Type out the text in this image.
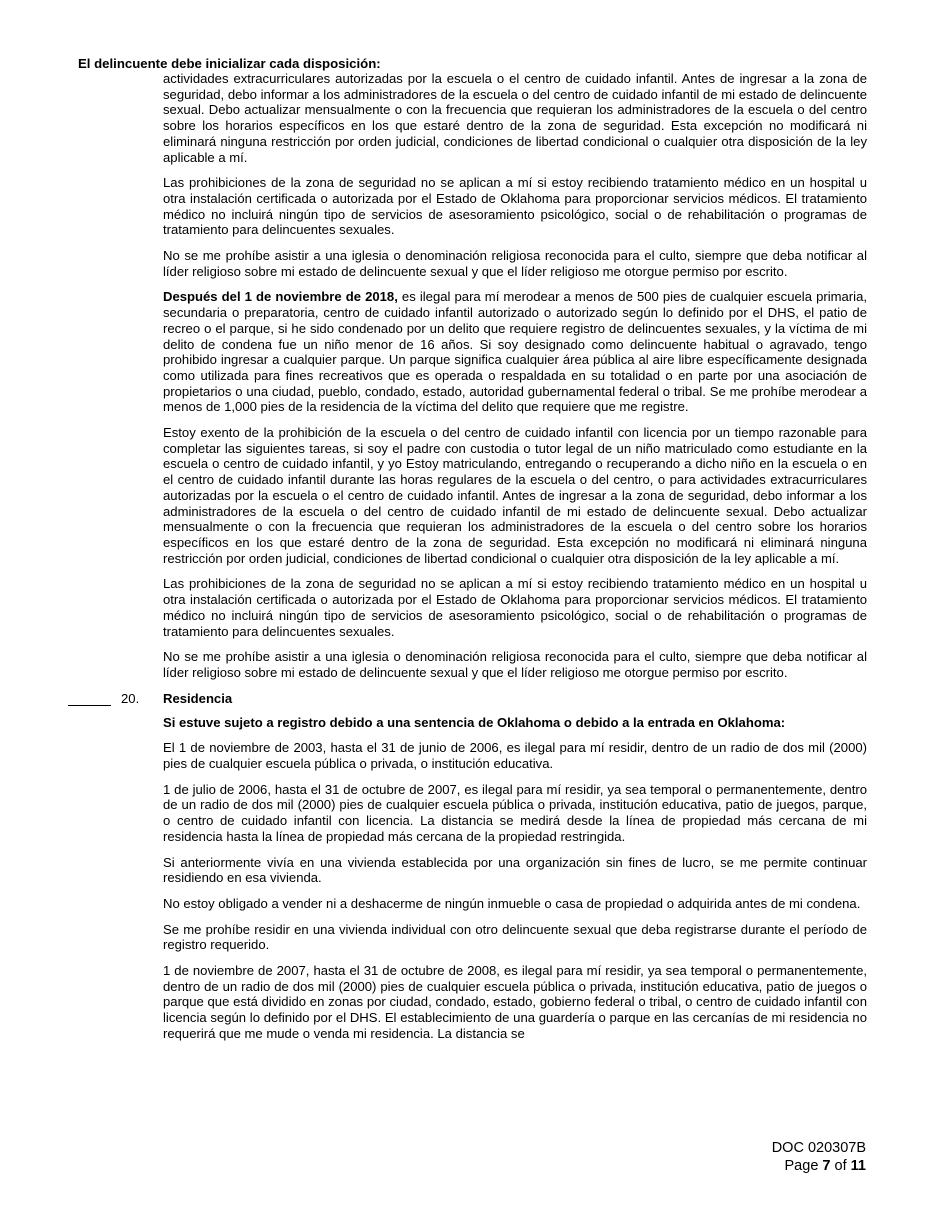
El delincuente debe inicializar cada disposición:

actividades extracurriculares autorizadas por la escuela o el centro de cuidado infantil. Antes de ingresar a la zona de seguridad, debo informar a los administradores de la escuela o del centro de cuidado infantil de mi estado de delincuente sexual. Debo actualizar mensualmente o con la frecuencia que requieran los administradores de la escuela o del centro sobre los horarios específicos en los que estaré dentro de la zona de seguridad. Esta excepción no modificará ni eliminará ninguna restricción por orden judicial, condiciones de libertad condicional o cualquier otra disposición de la ley aplicable a mí.

Las prohibiciones de la zona de seguridad no se aplican a mí si estoy recibiendo tratamiento médico en un hospital u otra instalación certificada o autorizada por el Estado de Oklahoma para proporcionar servicios médicos. El tratamiento médico no incluirá ningún tipo de servicios de asesoramiento psicológico, social o de rehabilitación o programas de tratamiento para delincuentes sexuales.

No se me prohíbe asistir a una iglesia o denominación religiosa reconocida para el culto, siempre que deba notificar al líder religioso sobre mi estado de delincuente sexual y que el líder religioso me otorgue permiso por escrito.

Después del 1 de noviembre de 2018, es ilegal para mí merodear a menos de 500 pies de cualquier escuela primaria, secundaria o preparatoria, centro de cuidado infantil autorizado o autorizado según lo definido por el DHS, el patio de recreo o el parque, si he sido condenado por un delito que requiere registro de delincuentes sexuales, y la víctima de mi delito de condena fue un niño menor de 16 años. Si soy designado como delincuente habitual o agravado, tengo prohibido ingresar a cualquier parque. Un parque significa cualquier área pública al aire libre específicamente designada como utilizada para fines recreativos que es operada o respaldada en su totalidad o en parte por una asociación de propietarios o una ciudad, pueblo, condado, estado, autoridad gubernamental federal o tribal. Se me prohíbe merodear a menos de 1,000 pies de la residencia de la víctima del delito que requiere que me registre.

Estoy exento de la prohibición de la escuela o del centro de cuidado infantil con licencia por un tiempo razonable para completar las siguientes tareas, si soy el padre con custodia o tutor legal de un niño matriculado como estudiante en la escuela o centro de cuidado infantil, y yo Estoy matriculando, entregando o recuperando a dicho niño en la escuela o en el centro de cuidado infantil durante las horas regulares de la escuela o del centro, o para actividades extracurriculares autorizadas por la escuela o el centro de cuidado infantil. Antes de ingresar a la zona de seguridad, debo informar a los administradores de la escuela o del centro de cuidado infantil de mi estado de delincuente sexual. Debo actualizar mensualmente o con la frecuencia que requieran los administradores de la escuela o del centro sobre los horarios específicos en los que estaré dentro de la zona de seguridad. Esta excepción no modificará ni eliminará ninguna restricción por orden judicial, condiciones de libertad condicional o cualquier otra disposición de la ley aplicable a mí.

Las prohibiciones de la zona de seguridad no se aplican a mí si estoy recibiendo tratamiento médico en un hospital u otra instalación certificada o autorizada por el Estado de Oklahoma para proporcionar servicios médicos. El tratamiento médico no incluirá ningún tipo de servicios de asesoramiento psicológico, social o de rehabilitación o programas de tratamiento para delincuentes sexuales.

No se me prohíbe asistir a una iglesia o denominación religiosa reconocida para el culto, siempre que deba notificar al líder religioso sobre mi estado de delincuente sexual y que el líder religioso me otorgue permiso por escrito.

20. Residencia

Si estuve sujeto a registro debido a una sentencia de Oklahoma o debido a la entrada en Oklahoma:

El 1 de noviembre de 2003, hasta el 31 de junio de 2006, es ilegal para mí residir, dentro de un radio de dos mil (2000) pies de cualquier escuela pública o privada, o institución educativa.

1 de julio de 2006, hasta el 31 de octubre de 2007, es ilegal para mí residir, ya sea temporal o permanentemente, dentro de un radio de dos mil (2000) pies de cualquier escuela pública o privada, institución educativa, patio de juegos, parque, o centro de cuidado infantil con licencia. La distancia se medirá desde la línea de propiedad más cercana de mi residencia hasta la línea de propiedad más cercana de la propiedad restringida.

Si anteriormente vivía en una vivienda establecida por una organización sin fines de lucro, se me permite continuar residiendo en esa vivienda.

No estoy obligado a vender ni a deshacerme de ningún inmueble o casa de propiedad o adquirida antes de mi condena.

Se me prohíbe residir en una vivienda individual con otro delincuente sexual que deba registrarse durante el período de registro requerido.

1 de noviembre de 2007, hasta el 31 de octubre de 2008, es ilegal para mí residir, ya sea temporal o permanentemente, dentro de un radio de dos mil (2000) pies de cualquier escuela pública o privada, institución educativa, patio de juegos o parque que está dividido en zonas por ciudad, condado, estado, gobierno federal o tribal, o centro de cuidado infantil con licencia según lo definido por el DHS. El establecimiento de una guardería o parque en las cercanías de mi residencia no requerirá que me mude o venda mi residencia. La distancia se

DOC 020307B
Page 7 of 11
